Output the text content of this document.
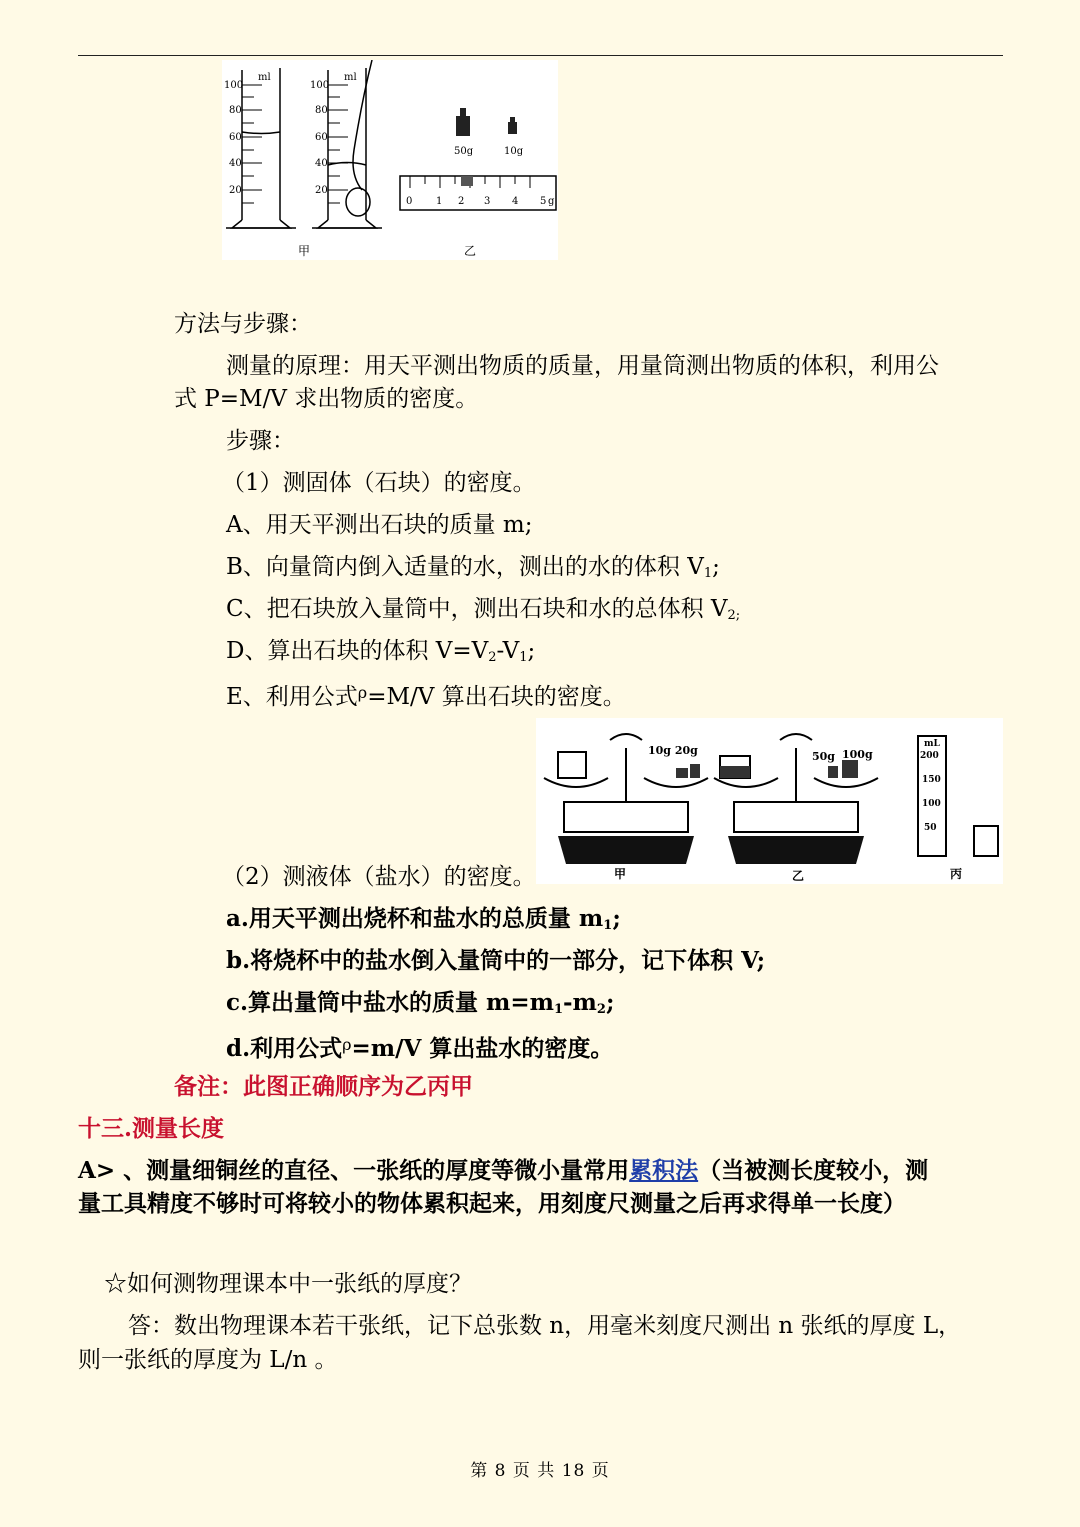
ml
100
80
60
40
20
ml
100
80
60
40
20
50g	10g
0 1 2 3 4 5 g
甲	乙
方法与步骤：
测量的原理：用天平测出物质的质量，用量筒测出物质的体积，利用公
式 P=M/V 求出物质的密度。
步骤：
（1）测固体（石块）的密度。
A、用天平测出石块的质量 m;
B、向量筒内倒入适量的水，测出的水的体积 $V_1$;
C、把石块放入量筒中，测出石块和水的总体积 $V_{2;}$
D、算出石块的体积 $V=V_2-V_1$;
E、利用公式$^\rho$=M/V 算出石块的密度。
10g 20g	50g 100g
mL
200
150
100
50
甲	乙	丙
（2）测液体（盐水）的密度。
a.用天平测出烧杯和盐水的总质量 $m_1$;
b.将烧杯中的盐水倒入量筒中的一部分，记下体积 V;
c.算出量筒中盐水的质量 $m=m_1-m_2$;
d.利用公式$^\rho$=m/V 算出盐水的密度。
备注：此图正确顺序为乙丙甲
十三.测量长度
A> 、测量细铜丝的直径、一张纸的厚度等微小量常用累积法（当被测长度较小，测
量工具精度不够时可将较小的物体累积起来，用刻度尺测量之后再求得单一长度）
☆如何测物理课本中一张纸的厚度？
答：数出物理课本若干张纸，记下总张数 n，用毫米刻度尺测出 n 张纸的厚度 L，
则一张纸的厚度为 L/n 。
第 8 页 共 18 页
